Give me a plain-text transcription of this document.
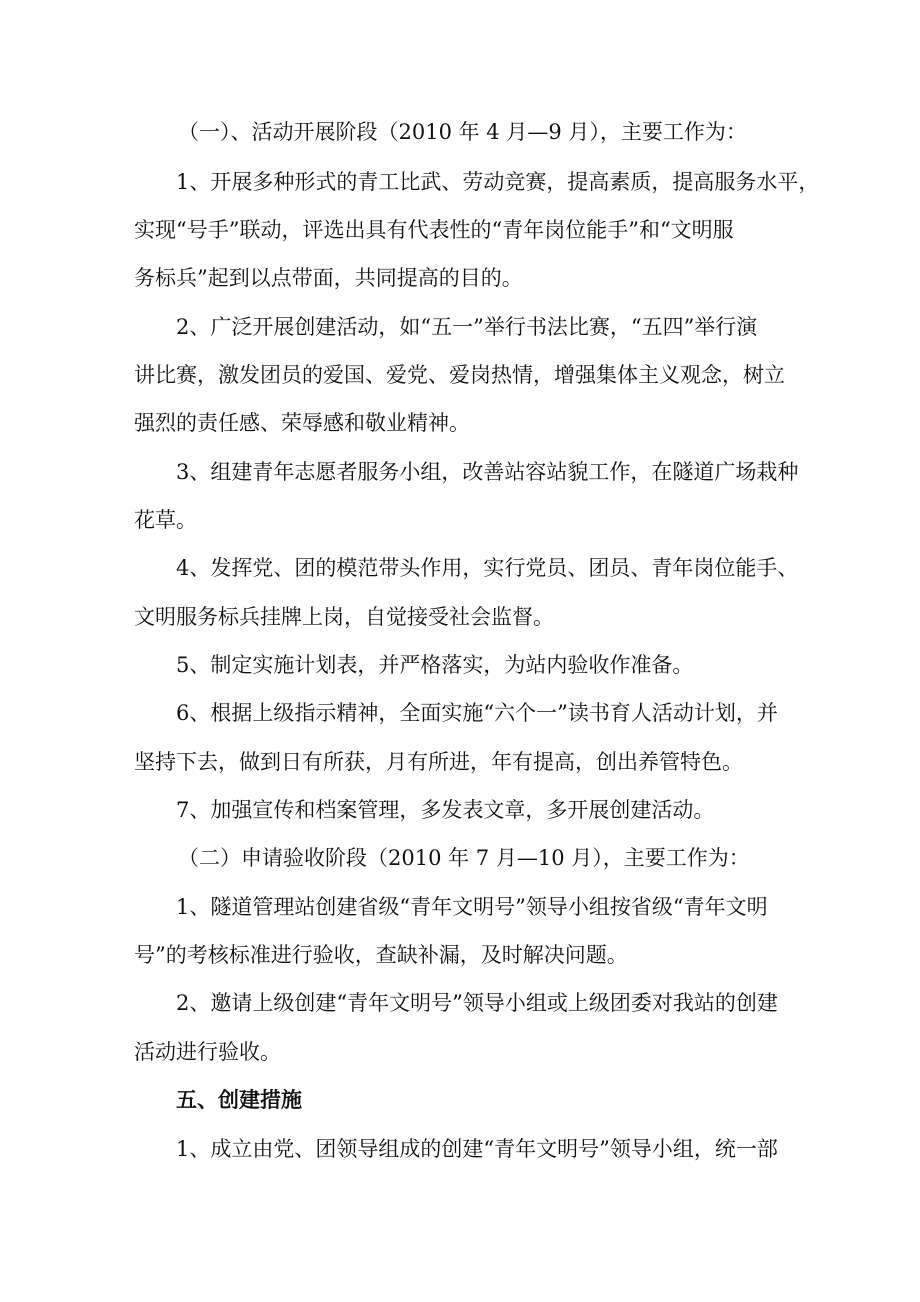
（一）、活动开展阶段（2010 年 4 月—9 月），主要工作为：

1、开展多种形式的青工比武、劳动竞赛，提高素质，提高服务水平，

实现“号手”联动，评选出具有代表性的“青年岗位能手”和“文明服

务标兵”起到以点带面，共同提高的目的。

2、广泛开展创建活动，如“五一”举行书法比赛，“五四”举行演

讲比赛，激发团员的爱国、爱党、爱岗热情，增强集体主义观念，树立

强烈的责任感、荣辱感和敬业精神。

3、组建青年志愿者服务小组，改善站容站貌工作，在隧道广场栽种

花草。

4、发挥党、团的模范带头作用，实行党员、团员、青年岗位能手、

文明服务标兵挂牌上岗，自觉接受社会监督。

5、制定实施计划表，并严格落实，为站内验收作准备。

6、根据上级指示精神，全面实施“六个一”读书育人活动计划，并

坚持下去，做到日有所获，月有所进，年有提高，创出养管特色。

7、加强宣传和档案管理，多发表文章，多开展创建活动。

（二）申请验收阶段（2010 年 7 月—10 月），主要工作为：

1、隧道管理站创建省级“青年文明号”领导小组按省级“青年文明

号”的考核标准进行验收，查缺补漏，及时解决问题。

2、邀请上级创建“青年文明号”领导小组或上级团委对我站的创建

活动进行验收。

五、创建措施

1、成立由党、团领导组成的创建“青年文明号”领导小组，统一部
